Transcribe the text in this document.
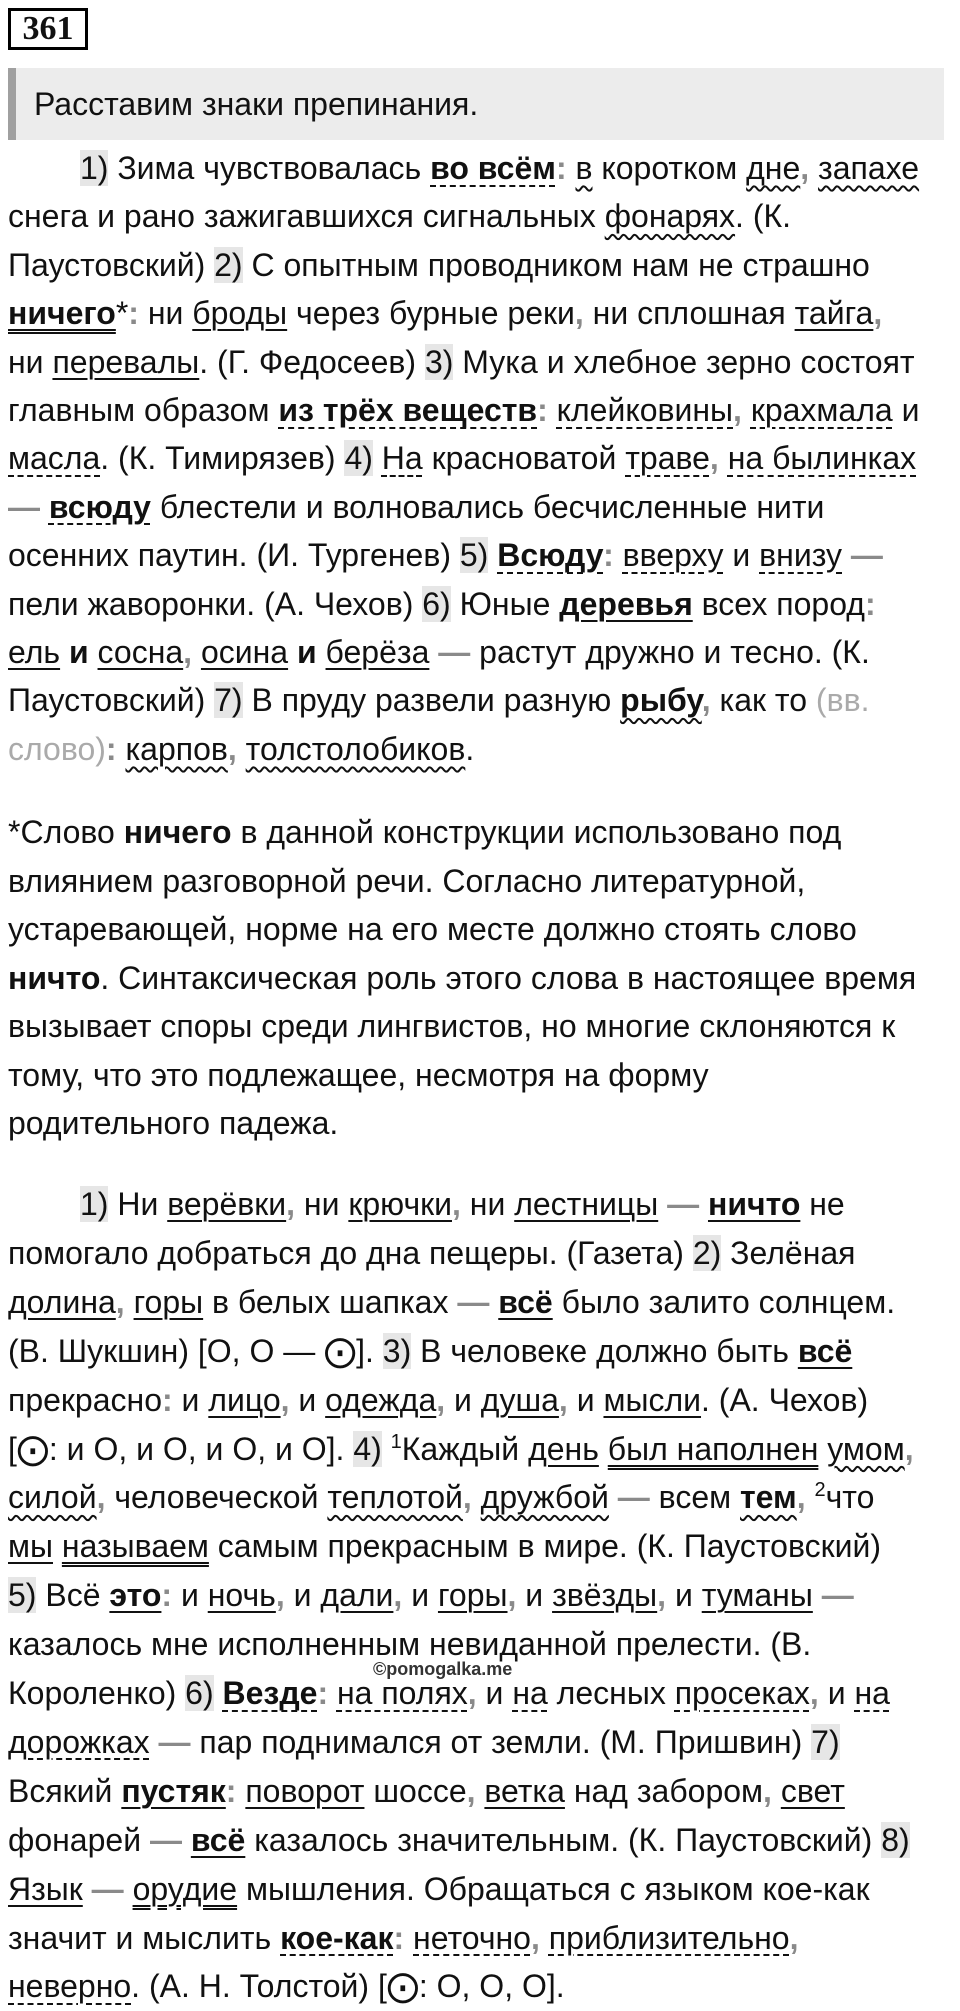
361
Расставим знаки препинания.
1) Зима чувствовалась во всём: в коротком дне, запахе
снега и рано зажигавшихся сигнальных фонарях. (К.
Паустовский) 2) С опытным проводником нам не страшно
ничего*: ни броды через бурные реки, ни сплошная тайга,
ни перевалы. (Г. Федосеев) 3) Мука и хлебное зерно состоят
главным образом из трёх веществ: клейковины, крахмала и
масла. (К. Тимирязев) 4) На красноватой траве, на былинках
— всюду блестели и волновались бесчисленные нити
осенних паутин. (И. Тургенев) 5) Всюду: вверху и внизу —
пели жаворонки. (А. Чехов) 6) Юные деревья всех пород:
ель и сосна, осина и берёза — растут дружно и тесно. (К.
Паустовский) 7) В пруду развели разную рыбу, как то (вв.
слово): карпов, толстолобиков.
*Слово ничего в данной конструкции использовано под
влиянием разговорной речи. Согласно литературной,
устаревающей, норме на его месте должно стоять слово
ничто. Синтаксическая роль этого слова в настоящее время
вызывает споры среди лингвистов, но многие склоняются к
тому, что это подлежащее, несмотря на форму
родительного падежа.
1) Ни верёвки, ни крючки, ни лестницы — ничто не
помогало добраться до дна пещеры. (Газета) 2) Зелёная
долина, горы в белых шапках — всё было залито солнцем.
(В. Шукшин) [О, О — ⨀]. 3) В человеке должно быть всё
прекрасно: и лицо, и одежда, и душа, и мысли. (А. Чехов)
[⨀: и О, и О, и О, и О]. 4) $^1$Каждый день был наполнен умом,
силой, человеческой теплотой, дружбой — всем тем, $^2$что
мы называем самым прекрасным в мире. (К. Паустовский)
5) Всё это: и ночь, и дали, и горы, и звёзды, и туманы —
казалось мне исполненным невиданной прелести. (В.
Короленко) 6) Везде: на полях, и на лесных просеках, и на
дорожках — пар поднимался от земли. (М. Пришвин) 7)
Всякий пустяк: поворот шоссе, ветка над забором, свет
фонарей — всё казалось значительным. (К. Паустовский) 8)
Язык — орудие мышления. Обращаться с языком кое-как
значит и мыслить кое-как: неточно, приблизительно,
неверно. (А. Н. Толстой) [⨀: О, О, О].
©pomogalka.me
